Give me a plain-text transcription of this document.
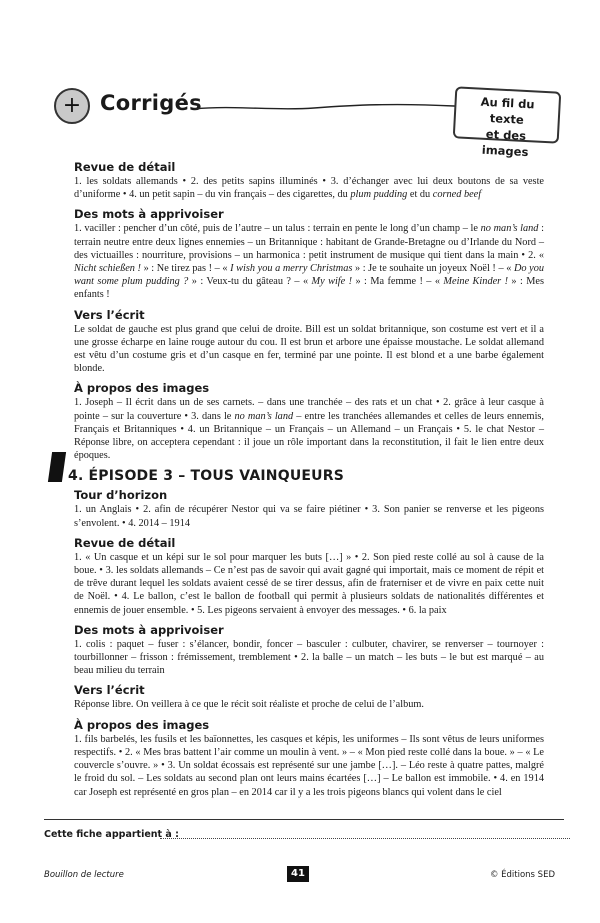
+ Corrigés	Au fil du texte
et des images
Revue de détail

1. les soldats allemands • 2. des petits sapins illuminés • 3. d’échanger avec lui deux boutons de sa veste d’uniforme • 4. un petit sapin – du vin français – des cigarettes, du plum pudding et du corned beef

Des mots à apprivoiser

1. vaciller : pencher d’un côté, puis de l’autre – un talus : terrain en pente le long d’un champ – le no man’s land : terrain neutre entre deux lignes ennemies – un Britannique : habitant de Grande-Bretagne ou d’Irlande du Nord – des victuailles : nourriture, provisions – un harmonica : petit instrument de musique qui tient dans la main • 2. « Nicht schießen ! » : Ne tirez pas ! – « I wish you a merry Christmas » : Je te souhaite un joyeux Noël ! – « Do you want some plum pudding ? » : Veux-tu du gâteau ? – « My wife ! » : Ma femme ! – « Meine Kinder ! » : Mes enfants !

Vers l’écrit

Le soldat de gauche est plus grand que celui de droite. Bill est un soldat britannique, son costume est vert et il a une grosse écharpe en laine rouge autour du cou. Il est brun et arbore une épaisse moustache. Le soldat allemand est vêtu d’un costume gris et d’un casque en fer, terminé par une pointe. Il est blond et a une barbe également blonde.

À propos des images

1. Joseph – Il écrit dans un de ses carnets. – dans une tranchée – des rats et un chat • 2. grâce à leur casque à pointe – sur la couverture • 3. dans le no man’s land – entre les tranchées allemandes et celles de leurs ennemis, Français et Britanniques • 4. un Britannique – un Français – un Allemand – un Français • 5. le chat Nestor – Réponse libre, on acceptera cependant : il joue un rôle important dans la reconstitution, il fait le lien entre deux époques.

4. ÉPISODE 3 – TOUS VAINQUEURS
Tour d’horizon

1. un Anglais • 2. afin de récupérer Nestor qui va se faire piétiner • 3. Son panier se renverse et les pigeons s’envolent. • 4. 2014 – 1914

Revue de détail

1. « Un casque et un képi sur le sol pour marquer les buts […] » • 2. Son pied reste collé au sol à cause de la boue. • 3. les soldats allemands – Ce n’est pas de savoir qui avait gagné qui importait, mais ce moment de répit et de trêve durant lequel les soldats avaient cessé de se tirer dessus, afin de fraterniser et de vivre en paix cette nuit de Noël. • 4. Le ballon, c’est le ballon de football qui permit à plusieurs soldats de nationalités différentes et ennemis de jouer ensemble. • 5. Les pigeons servaient à envoyer des messages. • 6. la paix

Des mots à apprivoiser

1. colis : paquet – fuser : s’élancer, bondir, foncer – basculer : culbuter, chavirer, se renverser – tournoyer : tourbillonner – frisson : frémissement, tremblement • 2. la balle – un match – les buts – le but est marqué – au beau milieu du terrain

Vers l’écrit

Réponse libre. On veillera à ce que le récit soit réaliste et proche de celui de l’album.

À propos des images

1. fils barbelés, les fusils et les baïonnettes, les casques et képis, les uniformes – Ils sont vêtus de leurs uniformes respectifs. • 2. « Mes bras battent l’air comme un moulin à vent. » – « Mon pied reste collé dans la boue. » – « Le couvercle s’ouvre. » • 3. Un soldat écossais est représenté sur une jambe […]. – Léo reste à quatre pattes, malgré le froid du sol. – Les soldats au second plan ont leurs mains écartées […] – Le ballon est immobile. • 4. en 1914 car Joseph est représenté en gros plan – en 2014 car il y a les trois pigeons blancs qui volent dans le ciel

Cette fiche appartient à :
Bouillon de lecture	41	© Éditions SED
